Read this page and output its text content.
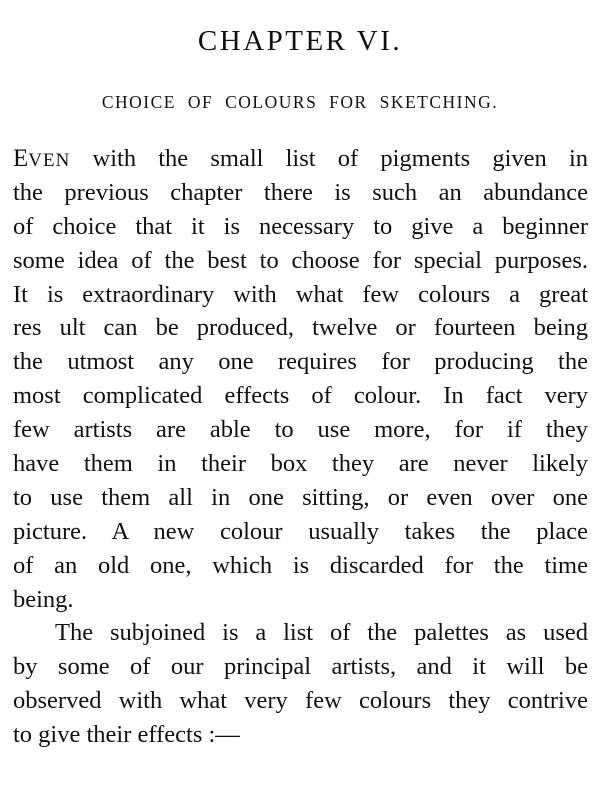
CHAPTER VI.
CHOICE OF COLOURS FOR SKETCHING.
EVEN with the small list of pigments given in
the previous chapter there is such an abundance
of choice that it is necessary to give a beginner
some idea of the best to choose for special purposes.
It is extraordinary with what few colours a great
res ult can be produced, twelve or fourteen being
the utmost any one requires for producing the
most complicated effects of colour. In fact very
few artists are able to use more, for if they
have them in their box they are never likely
to use them all in one sitting, or even over one
picture. A new colour usually takes the place
of an old one, which is discarded for the time
being.
The subjoined is a list of the palettes as used
by some of our principal artists, and it will be
observed with what very few colours they contrive
to give their effects :—
